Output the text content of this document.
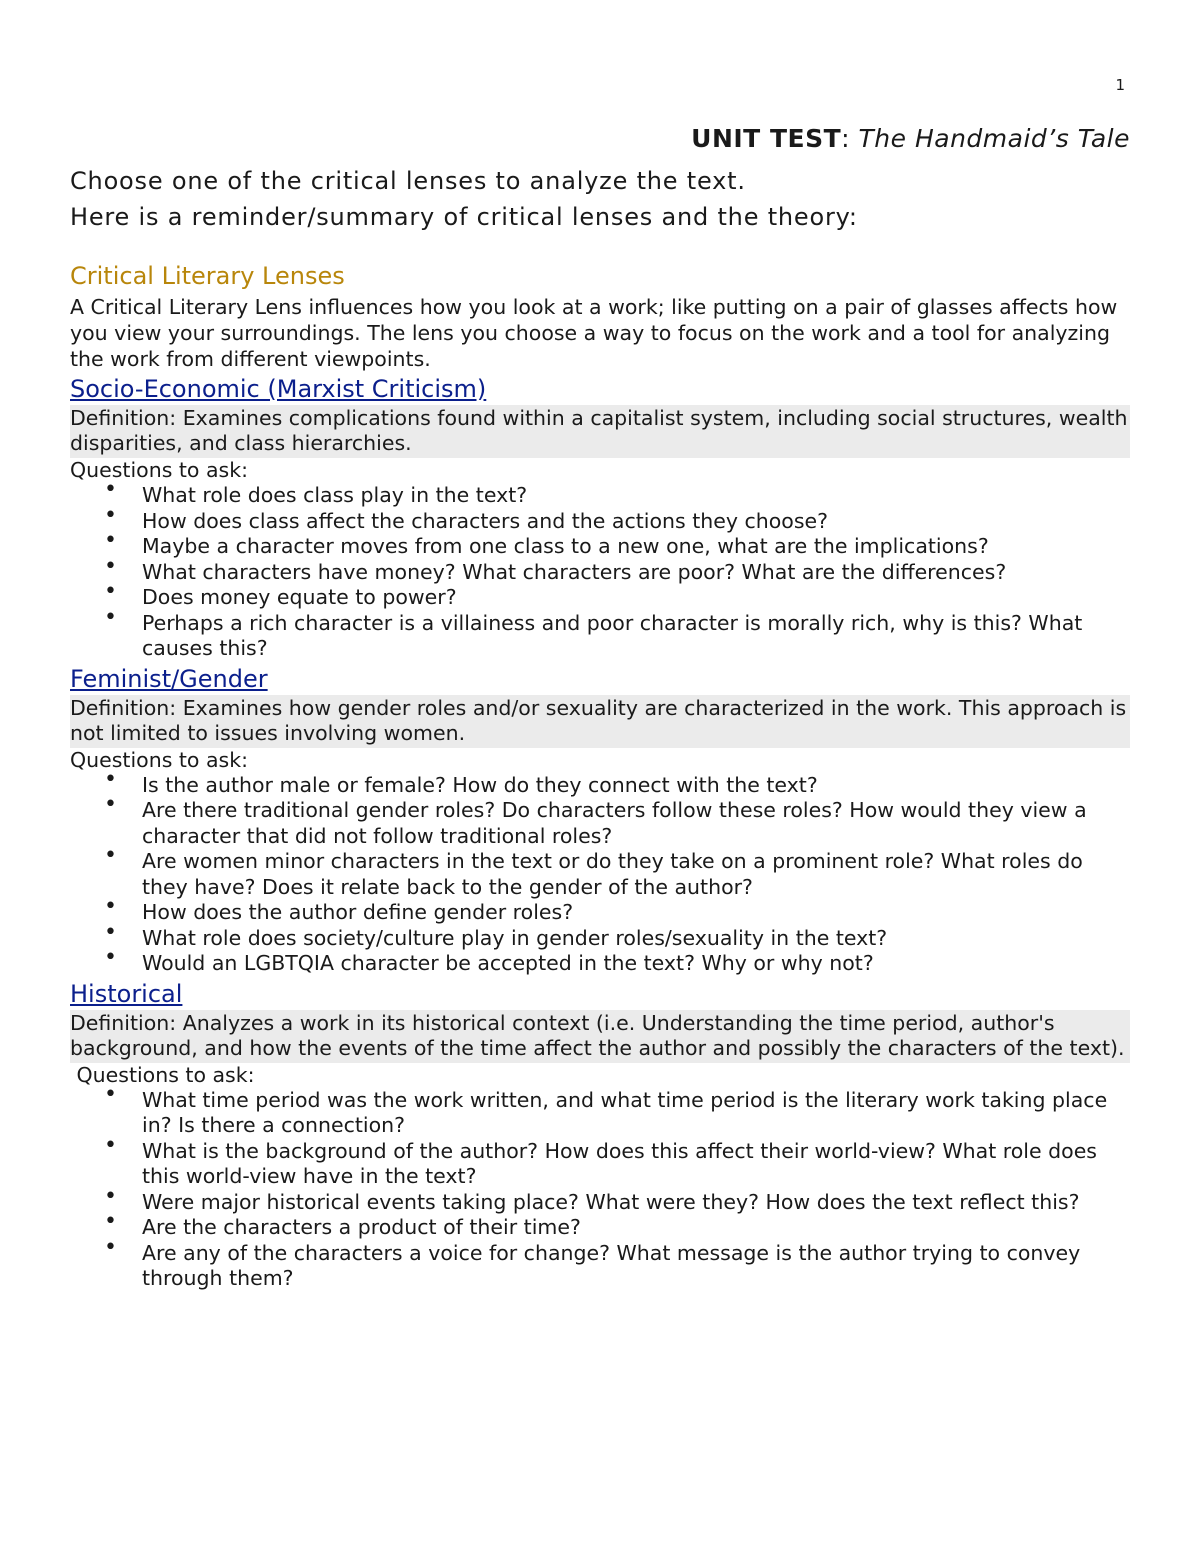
1
UNIT TEST: The Handmaid’s Tale
Choose one of the critical lenses to analyze the text.
Here is a reminder/summary of critical lenses and the theory:
Critical Literary Lenses

A Critical Literary Lens influences how you look at a work; like putting on a pair of glasses affects how you view your surroundings. The lens you choose a way to focus on the work and a tool for analyzing the work from different viewpoints.

Socio-Economic (Marxist Criticism)

Definition: Examines complications found within a capitalist system, including social structures, wealth disparities, and class hierarchies.

Questions to ask:

• What role does class play in the text?
• How does class affect the characters and the actions they choose?
• Maybe a character moves from one class to a new one, what are the implications?
• What characters have money? What characters are poor? What are the differences?
• Does money equate to power?
• Perhaps a rich character is a villainess and poor character is morally rich, why is this? What causes this?
Feminist/Gender

Definition: Examines how gender roles and/or sexuality are characterized in the work. This approach is not limited to issues involving women.

Questions to ask:

• Is the author male or female? How do they connect with the text?
• Are there traditional gender roles? Do characters follow these roles? How would they view a character that did not follow traditional roles?
• Are women minor characters in the text or do they take on a prominent role? What roles do they have? Does it relate back to the gender of the author?
• How does the author define gender roles?
• What role does society/culture play in gender roles/sexuality in the text?
• Would an LGBTQIA character be accepted in the text? Why or why not?
Historical

Definition: Analyzes a work in its historical context (i.e. Understanding the time period, author's background, and how the events of the time affect the author and possibly the characters of the text).

Questions to ask:

• What time period was the work written, and what time period is the literary work taking place in? Is there a connection?
• What is the background of the author? How does this affect their world-view? What role does this world-view have in the text?
• Were major historical events taking place? What were they? How does the text reflect this?
• Are the characters a product of their time?
• Are any of the characters a voice for change? What message is the author trying to convey through them?
